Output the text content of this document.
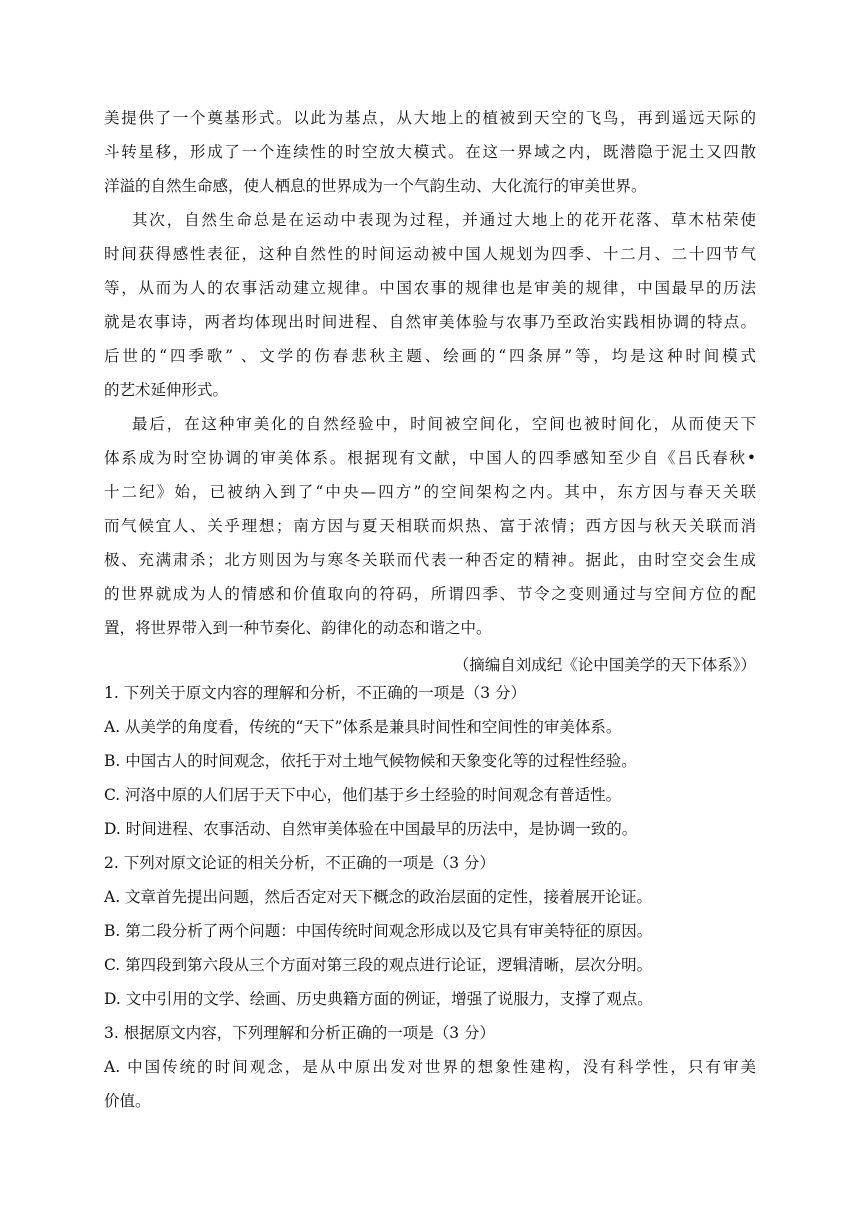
美提供了一个奠基形式。以此为基点，从大地上的植被到天空的飞鸟，再到遥远天际的
斗转星移，形成了一个连续性的时空放大模式。在这一界域之内，既潜隐于泥土又四散
洋溢的自然生命感，使人栖息的世界成为一个气韵生动、大化流行的审美世界。
其次，自然生命总是在运动中表现为过程，并通过大地上的花开花落、草木枯荣使
时间获得感性表征，这种自然性的时间运动被中国人规划为四季、十二月、二十四节气
等，从而为人的农事活动建立规律。中国农事的规律也是审美的规律，中国最早的历法
就是农事诗，两者均体现出时间进程、自然审美体验与农事乃至政治实践相协调的特点。
后世的“四季歌” 、文学的伤春悲秋主题、绘画的“四条屏”等，均是这种时间模式
的艺术延伸形式。
最后，在这种审美化的自然经验中，时间被空间化，空间也被时间化，从而使天下
体系成为时空协调的审美体系。根据现有文献，中国人的四季感知至少自《吕氏春秋•
十二纪》始，已被纳入到了“中央—四方”的空间架构之内。其中，东方因与春天关联
而气候宜人、关乎理想；南方因与夏天相联而炽热、富于浓情；西方因与秋天关联而消
极、充满肃杀；北方则因为与寒冬关联而代表一种否定的精神。据此，由时空交会生成
的世界就成为人的情感和价值取向的符码，所谓四季、节令之变则通过与空间方位的配
置，将世界带入到一种节奏化、韵律化的动态和谐之中。
（摘编自刘成纪《论中国美学的天下体系》）
1. 下列关于原文内容的理解和分析，不正确的一项是（3 分）
A. 从美学的角度看，传统的“天下”体系是兼具时间性和空间性的审美体系。
B. 中国古人的时间观念，依托于对土地气候物候和天象变化等的过程性经验。
C. 河洛中原的人们居于天下中心，他们基于乡土经验的时间观念有普适性。
D. 时间进程、农事活动、自然审美体验在中国最早的历法中，是协调一致的。
2. 下列对原文论证的相关分析，不正确的一项是（3 分）
A. 文章首先提出问题，然后否定对天下概念的政治层面的定性，接着展开论证。
B. 第二段分析了两个问题：中国传统时间观念形成以及它具有审美特征的原因。
C. 第四段到第六段从三个方面对第三段的观点进行论证，逻辑清晰，层次分明。
D. 文中引用的文学、绘画、历史典籍方面的例证，增强了说服力，支撑了观点。
3. 根据原文内容，下列理解和分析正确的一项是（3 分）
A. 中国传统的时间观念，是从中原出发对世界的想象性建构，没有科学性，只有审美
价值。
